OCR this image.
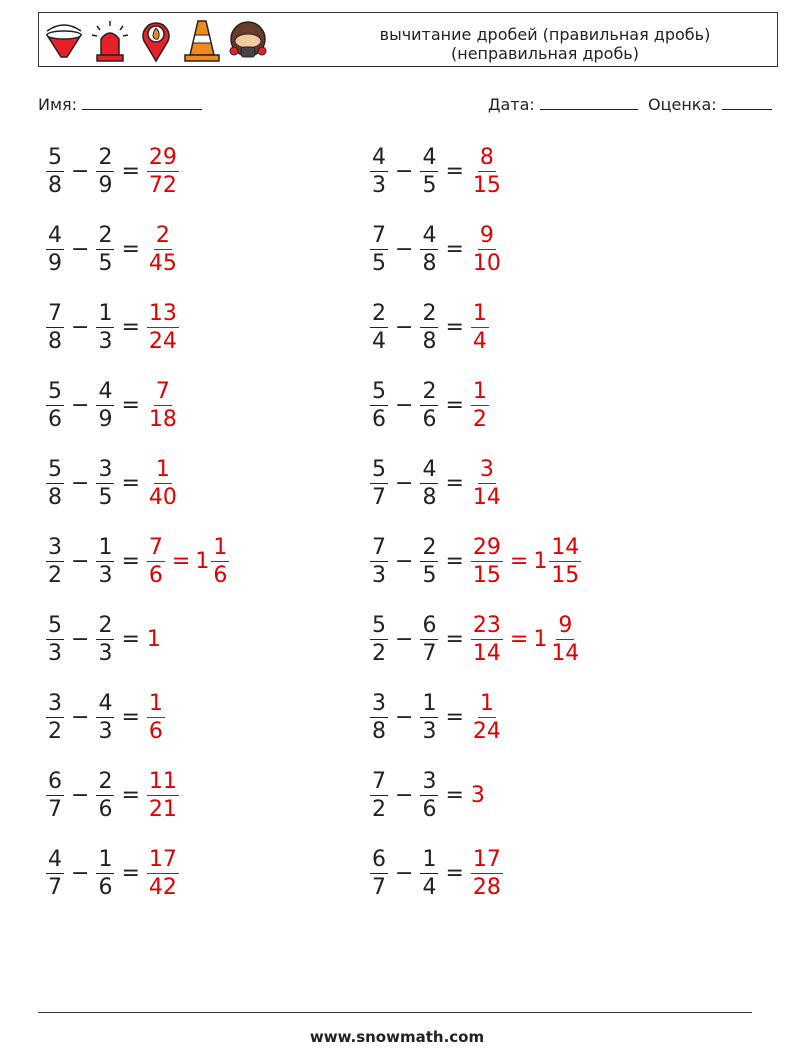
вычитание дробей (правильная дробь)
(неправильная дробь)
Имя:	Дата:	Оценка:
$\frac{5}{8} - \frac{2}{9} = \frac{29}{72}$	$\frac{4}{3} - \frac{4}{5} = \frac{8}{15}$
$\frac{4}{9} - \frac{2}{5} = \frac{2}{45}$	$\frac{7}{5} - \frac{4}{8} = \frac{9}{10}$
$\frac{7}{8} - \frac{1}{3} = \frac{13}{24}$	$\frac{2}{4} - \frac{2}{8} = \frac{1}{4}$
$\frac{5}{6} - \frac{4}{9} = \frac{7}{18}$	$\frac{5}{6} - \frac{2}{6} = \frac{1}{2}$
$\frac{5}{8} - \frac{3}{5} = \frac{1}{40}$	$\frac{5}{7} - \frac{4}{8} = \frac{3}{14}$
$\frac{3}{2} - \frac{1}{3} = \frac{7}{6} = 1 \frac{1}{6}$	$\frac{7}{3} - \frac{2}{5} = \frac{29}{15} = 1 \frac{14}{15}$
$\frac{5}{3} - \frac{2}{3} = 1$	$\frac{5}{2} - \frac{6}{7} = \frac{23}{14} = 1 \frac{9}{14}$
$\frac{3}{2} - \frac{4}{3} = \frac{1}{6}$	$\frac{3}{8} - \frac{1}{3} = \frac{1}{24}$
$\frac{6}{7} - \frac{2}{6} = \frac{11}{21}$	$\frac{7}{2} - \frac{3}{6} = 3$
$\frac{4}{7} - \frac{1}{6} = \frac{17}{42}$	$\frac{6}{7} - \frac{1}{4} = \frac{17}{28}$
www.snowmath.com
